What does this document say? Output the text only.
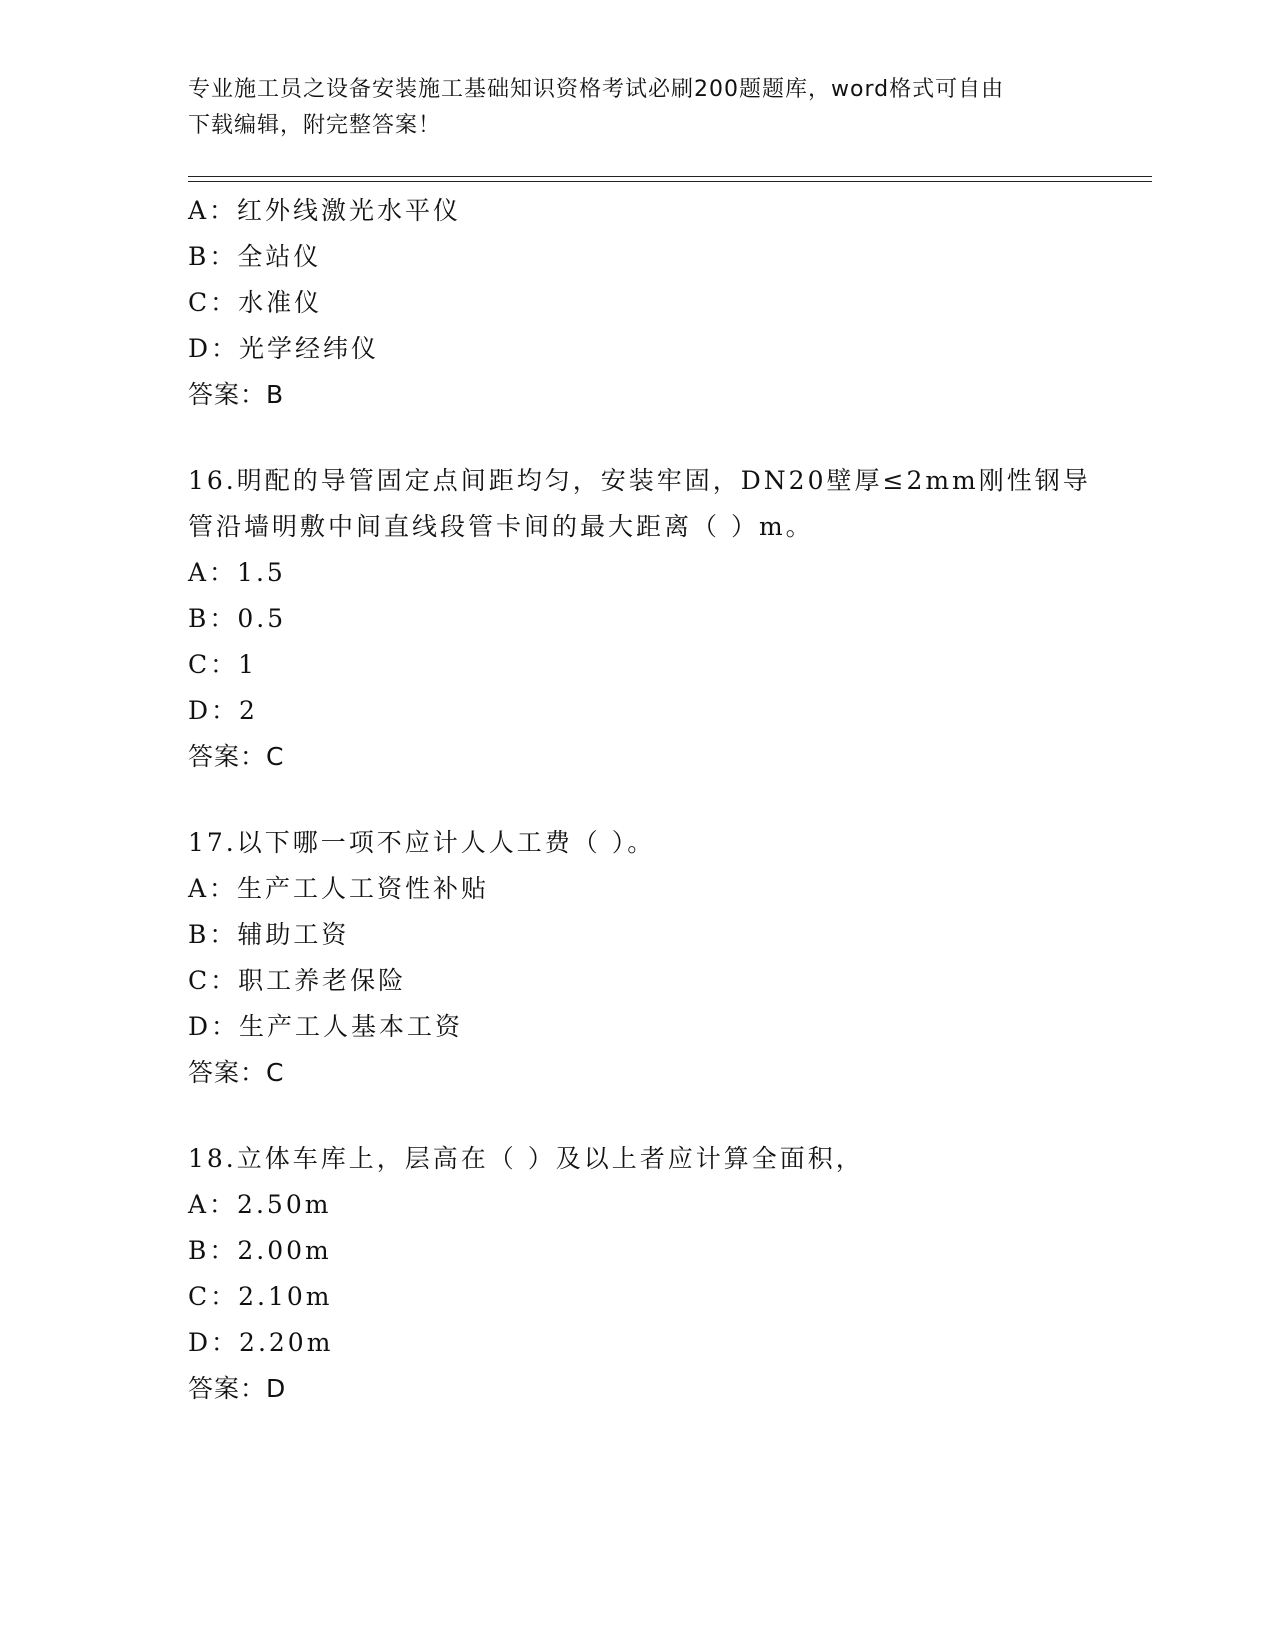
专业施工员之设备安装施工基础知识资格考试必刷200题题库，word格式可自由
下载编辑，附完整答案！
A：红外线激光水平仪
B：全站仪
C：水准仪
D：光学经纬仪
答案：B
16.明配的导管固定点间距均匀，安装牢固，DN20壁厚≤2mm刚性钢导
管沿墙明敷中间直线段管卡间的最大距离（ ）m。
A：1.5
B：0.5
C：1
D：2
答案：C
17.以下哪一项不应计人人工费（ ）。
A：生产工人工资性补贴
B：辅助工资
C：职工养老保险
D：生产工人基本工资
答案：C
18.立体车库上，层高在（ ）及以上者应计算全面积，
A：2.50m
B：2.00m
C：2.10m
D：2.20m
答案：D
